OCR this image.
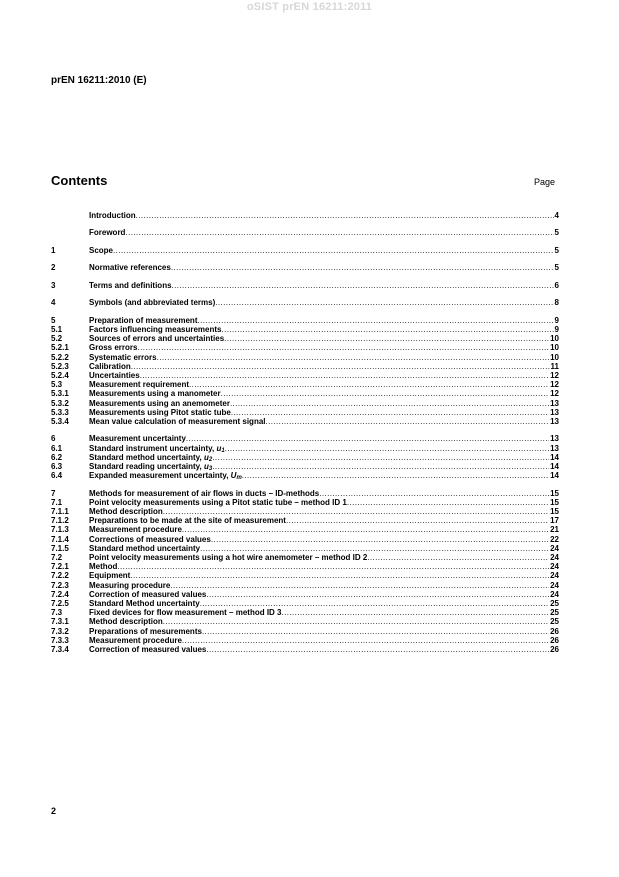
oSIST prEN 16211:2011
prEN 16211:2010 (E)
Contents	Page
Introduction .....	4
Foreword .....	5
1	Scope .....	5
2	Normative references .....	5
3	Terms and definitions .....	6
4	Symbols (and abbreviated terms) .....	8
5	Preparation of measurement .....	9
5.1	Factors influencing measurements .....	9
5.2	Sources of errors and uncertainties .....	10
5.2.1	Gross errors .....	10
5.2.2	Systematic errors .....	10
5.2.3	Calibration .....	11
5.2.4	Uncertainties .....	12
5.3	Measurement requirement .....	12
5.3.1	Measurements using a manometer .....	12
5.3.2	Measurements using an anemometer .....	13
5.3.3	Measurements using Pitot static tube .....	13
5.3.4	Mean value calculation of measurement signal .....	13
6	Measurement uncertainty .....	13
6.1	Standard instrument uncertainty, u1 .....	13
6.2	Standard method uncertainty, u2 .....	14
6.3	Standard reading uncertainty, u3 .....	14
6.4	Expanded measurement uncertainty, Um .....	14
7	Methods for measurement of air flows in ducts – ID-methods .....	15
7.1	Point velocity measurements using a Pitot static tube – method ID 1 .....	15
7.1.1	Method description .....	15
7.1.2	Preparations to be made at the site of measurement .....	17
7.1.3	Measurement procedure .....	21
7.1.4	Corrections of measured values .....	22
7.1.5	Standard method uncertainty .....	24
7.2	Point velocity measurements using a hot wire anemometer – method ID 2 .....	24
7.2.1	Method .....	24
7.2.2	Equipment .....	24
7.2.3	Measuring procedure .....	24
7.2.4	Correction of measured values .....	24
7.2.5	Standard Method uncertainty .....	25
7.3	Fixed devices for flow measurement – method ID 3 .....	25
7.3.1	Method description .....	25
7.3.2	Preparations of mesurements .....	26
7.3.3	Measurement procedure .....	26
7.3.4	Correction of measured values .....	26
2
